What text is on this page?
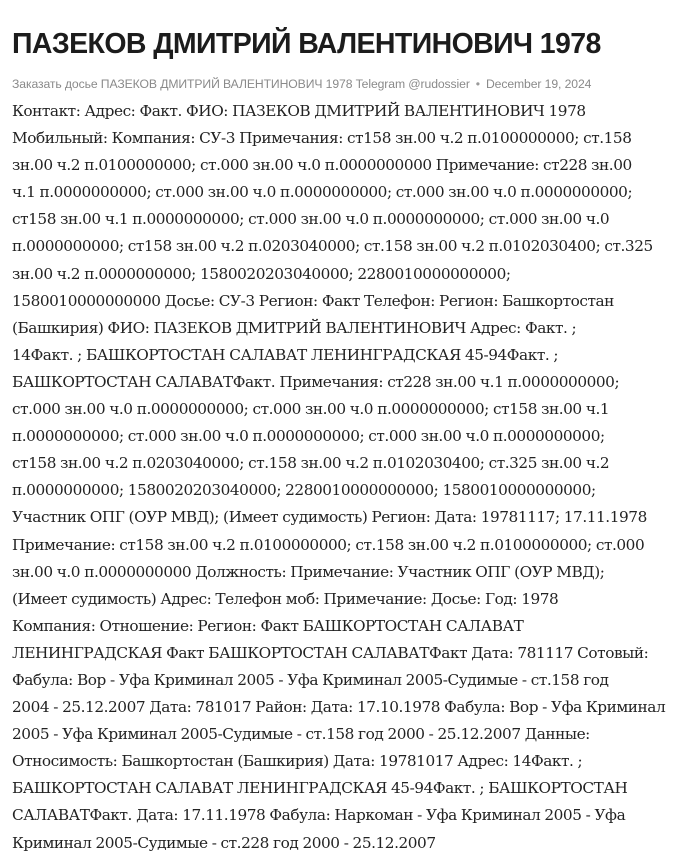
ПАЗЕКОВ ДМИТРИЙ ВАЛЕНТИНОВИЧ 1978
Заказать досье ПАЗЕКОВ ДМИТРИЙ ВАЛЕНТИНОВИЧ 1978 Telegram @rudossier • December 19, 2024
Контакт: Адрес: Факт. ФИО: ПАЗЕКОВ ДМИТРИЙ ВАЛЕНТИНОВИЧ 1978
Мобильный: Компания: СУ-3 Примечания: ст158 зн.00 ч.2 п.0100000000; ст.158
зн.00 ч.2 п.0100000000; ст.000 зн.00 ч.0 п.0000000000 Примечание: ст228 зн.00
ч.1 п.0000000000; ст.000 зн.00 ч.0 п.0000000000; ст.000 зн.00 ч.0 п.0000000000;
ст158 зн.00 ч.1 п.0000000000; ст.000 зн.00 ч.0 п.0000000000; ст.000 зн.00 ч.0
п.0000000000; ст158 зн.00 ч.2 п.0203040000; ст.158 зн.00 ч.2 п.0102030400; ст.325
зн.00 ч.2 п.0000000000; 1580020203040000; 2280010000000000;
1580010000000000 Досье: СУ-3 Регион: Факт Телефон: Регион: Башкортостан
(Башкирия) ФИО: ПАЗЕКОВ ДМИТРИЙ ВАЛЕНТИНОВИЧ Адрес: Факт. ;
14Факт. ; БАШКОРТОСТАН САЛАВАТ ЛЕНИНГРАДСКАЯ 45-94Факт. ;
БАШКОРТОСТАН САЛАВАТФакт. Примечания: ст228 зн.00 ч.1 п.0000000000;
ст.000 зн.00 ч.0 п.0000000000; ст.000 зн.00 ч.0 п.0000000000; ст158 зн.00 ч.1
п.0000000000; ст.000 зн.00 ч.0 п.0000000000; ст.000 зн.00 ч.0 п.0000000000;
ст158 зн.00 ч.2 п.0203040000; ст.158 зн.00 ч.2 п.0102030400; ст.325 зн.00 ч.2
п.0000000000; 1580020203040000; 2280010000000000; 1580010000000000;
Участник ОПГ (ОУР МВД); (Имеет судимость) Регион: Дата: 19781117; 17.11.1978
Примечание: ст158 зн.00 ч.2 п.0100000000; ст.158 зн.00 ч.2 п.0100000000; ст.000
зн.00 ч.0 п.0000000000 Должность: Примечание: Участник ОПГ (ОУР МВД);
(Имеет судимость) Адрес: Телефон моб: Примечание: Досье: Год: 1978
Компания: Отношение: Регион: Факт БАШКОРТОСТАН САЛАВАТ
ЛЕНИНГРАДСКАЯ Факт БАШКОРТОСТАН САЛАВАТФакт Дата: 781117 Сотовый:
Фабула: Вор - Уфа Криминал 2005 - Уфа Криминал 2005-Судимые - ст.158 год
2004 - 25.12.2007 Дата: 781017 Район: Дата: 17.10.1978 Фабула: Вор - Уфа Криминал
2005 - Уфа Криминал 2005-Судимые - ст.158 год 2000 - 25.12.2007 Данные:
Относимость: Башкортостан (Башкирия) Дата: 19781017 Адрес: 14Факт. ;
БАШКОРТОСТАН САЛАВАТ ЛЕНИНГРАДСКАЯ 45-94Факт. ; БАШКОРТОСТАН
САЛАВАТФакт. Дата: 17.11.1978 Фабула: Наркоман - Уфа Криминал 2005 - Уфа
Криминал 2005-Судимые - ст.228 год 2000 - 25.12.2007
